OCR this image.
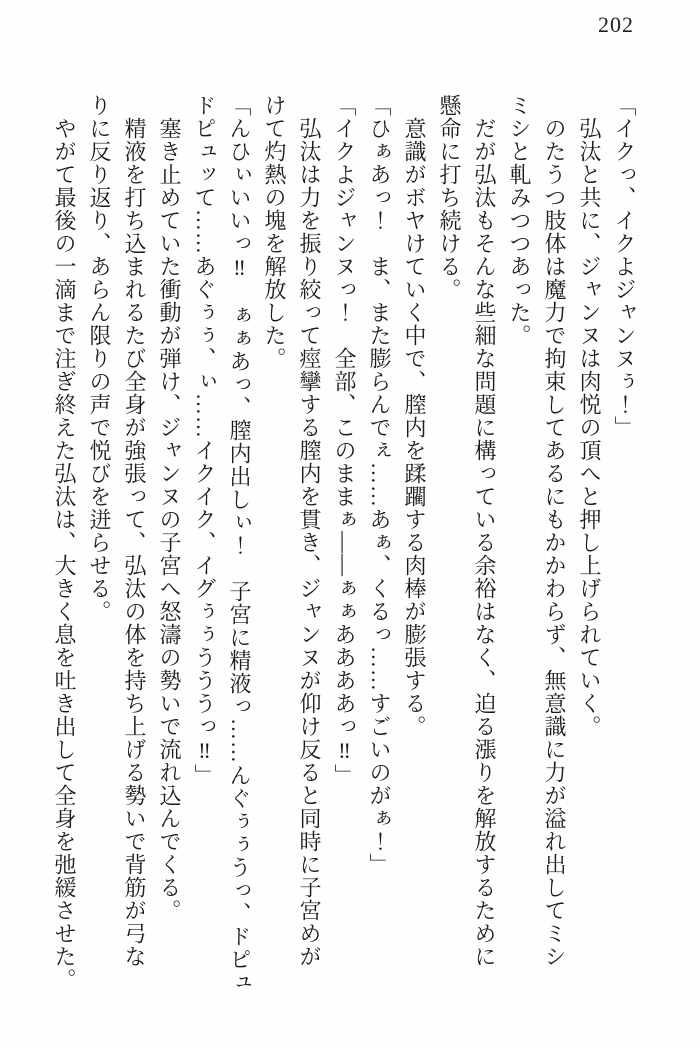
202
「イクっ、イクよジャンヌぅ！」
弘汰と共に、ジャンヌは肉悦の頂へと押し上げられていく。
のたうつ肢体は魔力で拘束してあるにもかかわらず、無意識に力が溢れ出してミシ
ミシと軋みつつあった。
だが弘汰もそんな些細な問題に構っている余裕はなく、迫る漲りを解放するために
懸命に打ち続ける。
意識がボヤけていく中で、膣内を蹂躙する肉棒が膨張する。
「ひぁあっ！　ま、また膨らんでぇ……あぁ、くるっ……すごいのがぁ！」
「イクよジャンヌっ！　全部、このままぁ——ぁぁああああっ‼」
弘汰は力を振り絞って痙攣する膣内を貫き、ジャンヌが仰け反ると同時に子宮めが
けて灼熱の塊を解放した。
「んひぃいいっ‼　ぁぁあっ、膣内出しぃ！　子宮に精液っ……んぐぅぅうっ、ドピュ
ドピュッて……あぐぅぅ、ぃ……イクイク、イグぅぅうううっ‼」
塞き止めていた衝動が弾け、ジャンヌの子宮へ怒濤の勢いで流れ込んでくる。
精液を打ち込まれるたび全身が強張って、弘汰の体を持ち上げる勢いで背筋が弓な
りに反り返り、あらん限りの声で悦びを迸らせる。
やがて最後の一滴まで注ぎ終えた弘汰は、大きく息を吐き出して全身を弛緩させた。
